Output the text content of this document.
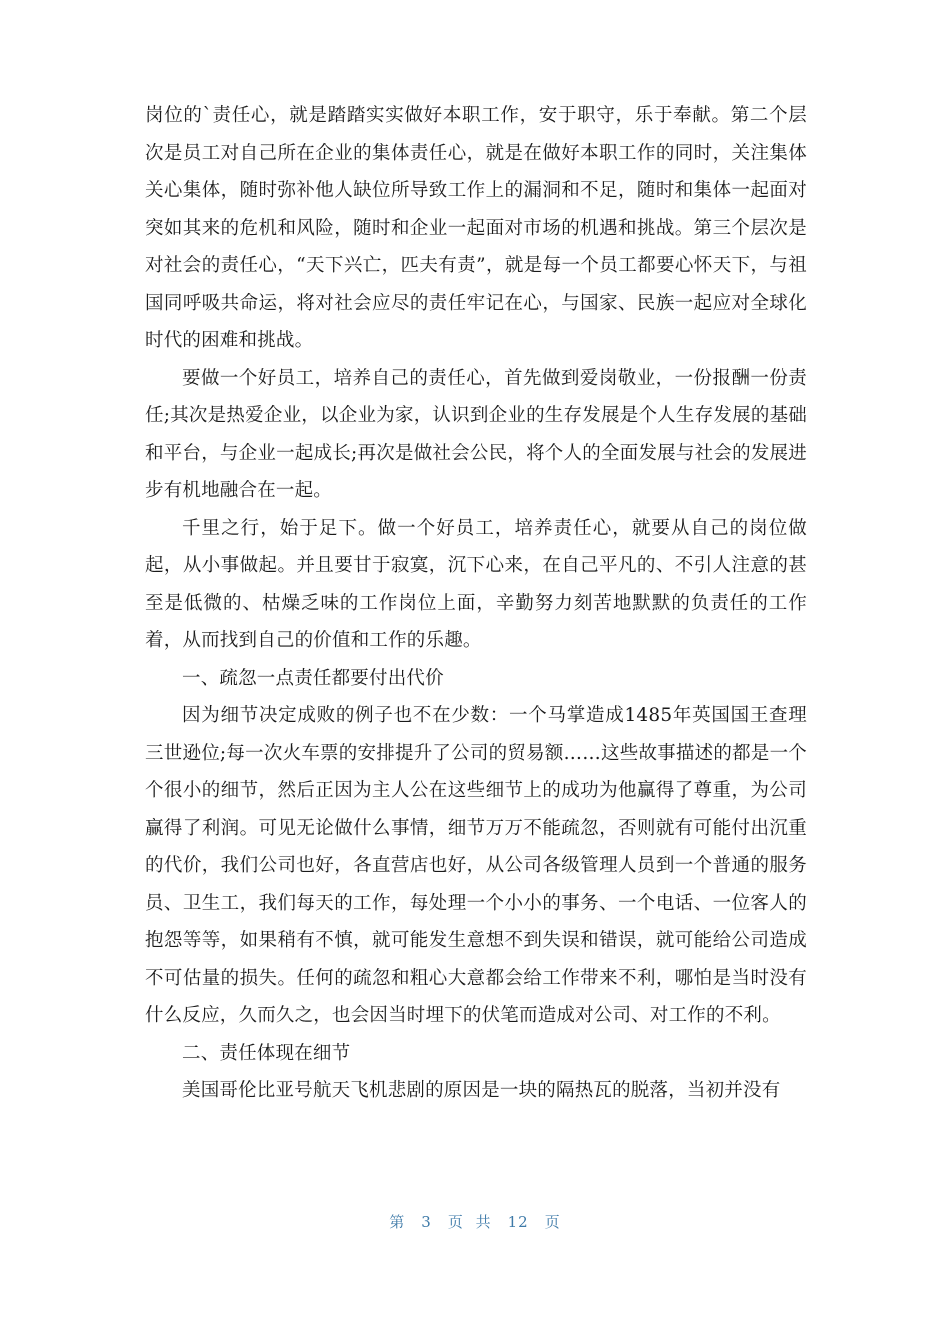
岗位的`责任心，就是踏踏实实做好本职工作，安于职守，乐于奉献。第二个层次是员工对自己所在企业的集体责任心，就是在做好本职工作的同时，关注集体关心集体，随时弥补他人缺位所导致工作上的漏洞和不足，随时和集体一起面对突如其来的危机和风险，随时和企业一起面对市场的机遇和挑战。第三个层次是对社会的责任心，“天下兴亡，匹夫有责”，就是每一个员工都要心怀天下，与祖国同呼吸共命运，将对社会应尽的责任牢记在心，与国家、民族一起应对全球化时代的困难和挑战。

要做一个好员工，培养自己的责任心，首先做到爱岗敬业，一份报酬一份责任;其次是热爱企业，以企业为家，认识到企业的生存发展是个人生存发展的基础和平台，与企业一起成长;再次是做社会公民，将个人的全面发展与社会的发展进步有机地融合在一起。

千里之行，始于足下。做一个好员工，培养责任心，就要从自己的岗位做起，从小事做起。并且要甘于寂寞，沉下心来，在自己平凡的、不引人注意的甚至是低微的、枯燥乏味的工作岗位上面，辛勤努力刻苦地默默的负责任的工作着，从而找到自己的价值和工作的乐趣。

一、疏忽一点责任都要付出代价

因为细节决定成败的例子也不在少数：一个马掌造成1485年英国国王查理三世逊位;每一次火车票的安排提升了公司的贸易额……这些故事描述的都是一个个很小的细节，然后正因为主人公在这些细节上的成功为他赢得了尊重，为公司赢得了利润。可见无论做什么事情，细节万万不能疏忽，否则就有可能付出沉重的代价，我们公司也好，各直营店也好，从公司各级管理人员到一个普通的服务员、卫生工，我们每天的工作，每处理一个小小的事务、一个电话、一位客人的抱怨等等，如果稍有不慎，就可能发生意想不到失误和错误，就可能给公司造成不可估量的损失。任何的疏忽和粗心大意都会给工作带来不利，哪怕是当时没有什么反应，久而久之，也会因当时埋下的伏笔而造成对公司、对工作的不利。

二、责任体现在细节

美国哥伦比亚号航天飞机悲剧的原因是一块的隔热瓦的脱落，当初并没有

第 3 页 共 12 页
